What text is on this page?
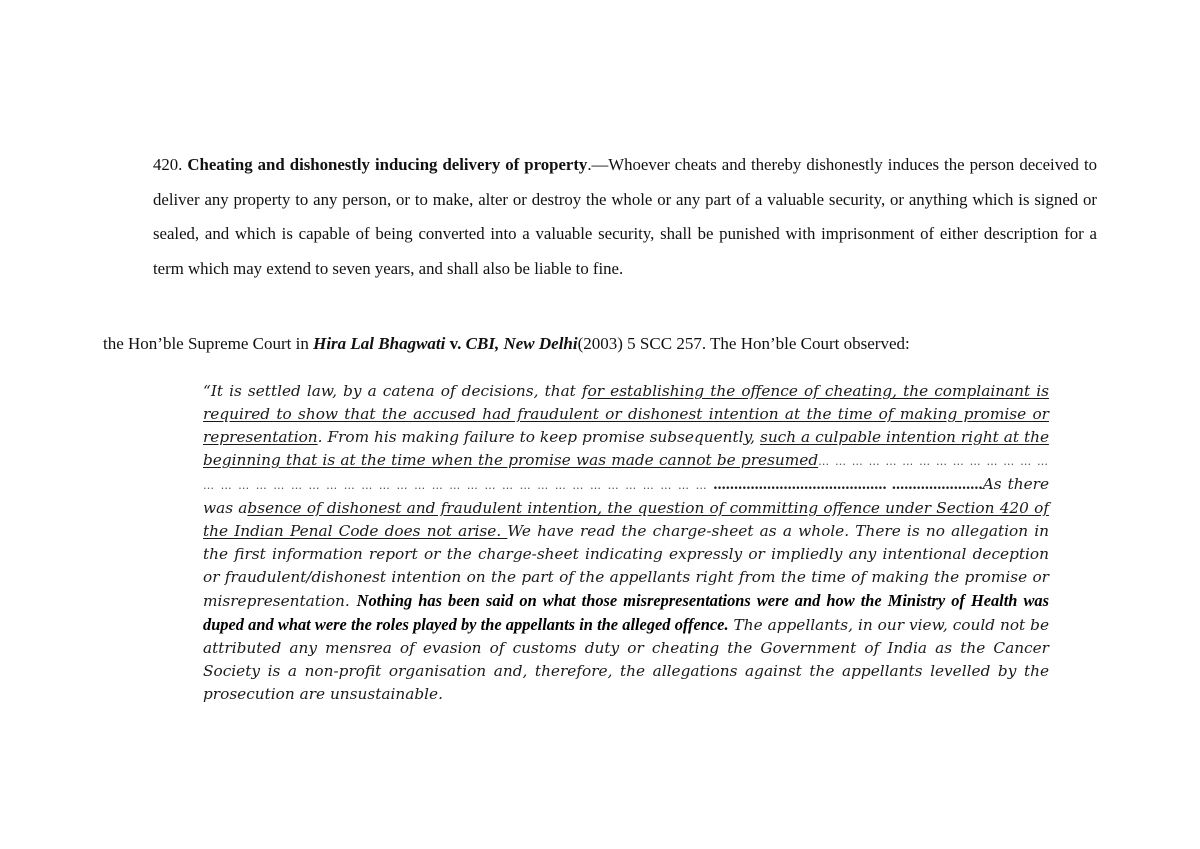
420. Cheating and dishonestly inducing delivery of property.—Whoever cheats and thereby dishonestly induces the person deceived to deliver any property to any person, or to make, alter or destroy the whole or any part of a valuable security, or anything which is signed or sealed, and which is capable of being converted into a valuable security, shall be punished with imprisonment of either description for a term which may extend to seven years, and shall also be liable to fine.

the Hon’ble Supreme Court in Hira Lal Bhagwati v. CBI, New Delhi(2003) 5 SCC 257. The Hon’ble Court observed:

“It is settled law, by a catena of decisions, that for establishing the offence of cheating, the complainant is required to show that the accused had fraudulent or dishonest intention at the time of making promise or representation. From his making failure to keep promise subsequently, such a culpable intention right at the beginning that is at the time when the promise was made cannot be presumed… … … … … … … … … … … … … … … … … … … … … … … … … … … … … … … … … … … … … … … … … … … .......................................... ......................As there was absence of dishonest and fraudulent intention, the question of committing offence under Section 420 of the Indian Penal Code does not arise. We have read the charge-sheet as a whole. There is no allegation in the first information report or the charge-sheet indicating expressly or impliedly any intentional deception or fraudulent/dishonest intention on the part of the appellants right from the time of making the promise or misrepresentation. Nothing has been said on what those misrepresentations were and how the Ministry of Health was duped and what were the roles played by the appellants in the alleged offence. The appellants, in our view, could not be attributed any mensrea of evasion of customs duty or cheating the Government of India as the Cancer Society is a non-profit organisation and, therefore, the allegations against the appellants levelled by the prosecution are unsustainable.
